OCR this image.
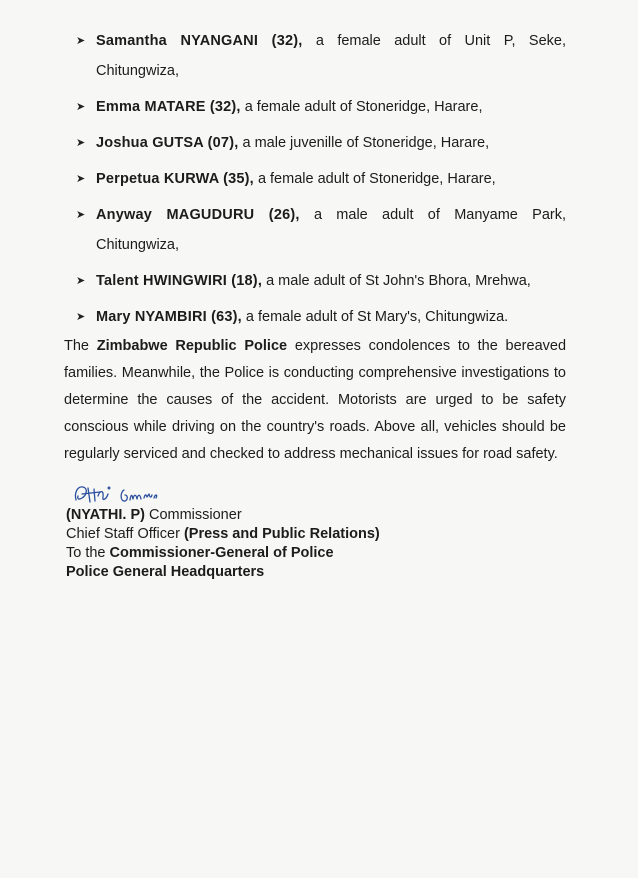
➤ Samantha NYANGANI (32), a female adult of Unit P, Seke, Chitungwiza,
➤ Emma MATARE (32), a female adult of Stoneridge, Harare,
➤ Joshua GUTSA (07), a male juvenille of Stoneridge, Harare,
➤ Perpetua KURWA (35), a female adult of Stoneridge, Harare,
➤ Anyway MAGUDURU (26), a male adult of Manyame Park, Chitungwiza,
➤ Talent HWINGWIRI (18), a male adult of St John's Bhora, Mrehwa,
➤ Mary NYAMBIRI (63), a female adult of St Mary's, Chitungwiza.

The Zimbabwe Republic Police expresses condolences to the bereaved families. Meanwhile, the Police is conducting comprehensive investigations to determine the causes of the accident. Motorists are urged to be safety conscious while driving on the country's roads. Above all, vehicles should be regularly serviced and checked to address mechanical issues for road safety.

(NYATHI. P) Commissioner
Chief Staff Officer (Press and Public Relations)
To the Commissioner-General of Police
Police General Headquarters
